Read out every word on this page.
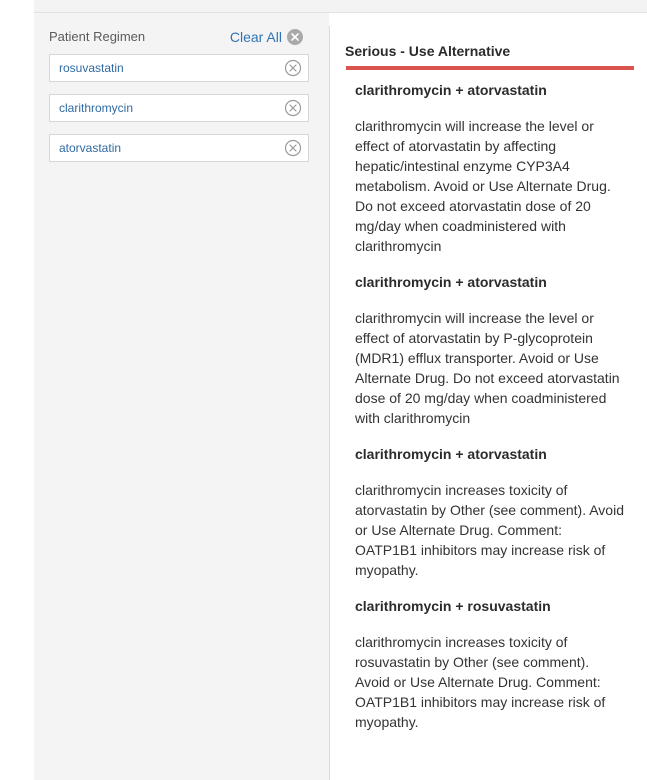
Patient Regimen	Clear All
rosuvastatin
clarithromycin
atorvastatin
Serious - Use Alternative

clarithromycin + atorvastatin

clarithromycin will increase the level or effect of atorvastatin by affecting hepatic/intestinal enzyme CYP3A4 metabolism. Avoid or Use Alternate Drug. Do not exceed atorvastatin dose of 20 mg/day when coadministered with clarithromycin

clarithromycin + atorvastatin

clarithromycin will increase the level or effect of atorvastatin by P-glycoprotein (MDR1) efflux transporter. Avoid or Use Alternate Drug. Do not exceed atorvastatin dose of 20 mg/day when coadministered with clarithromycin

clarithromycin + atorvastatin

clarithromycin increases toxicity of atorvastatin by Other (see comment). Avoid or Use Alternate Drug. Comment: OATP1B1 inhibitors may increase risk of myopathy.

clarithromycin + rosuvastatin

clarithromycin increases toxicity of rosuvastatin by Other (see comment). Avoid or Use Alternate Drug. Comment: OATP1B1 inhibitors may increase risk of myopathy.
